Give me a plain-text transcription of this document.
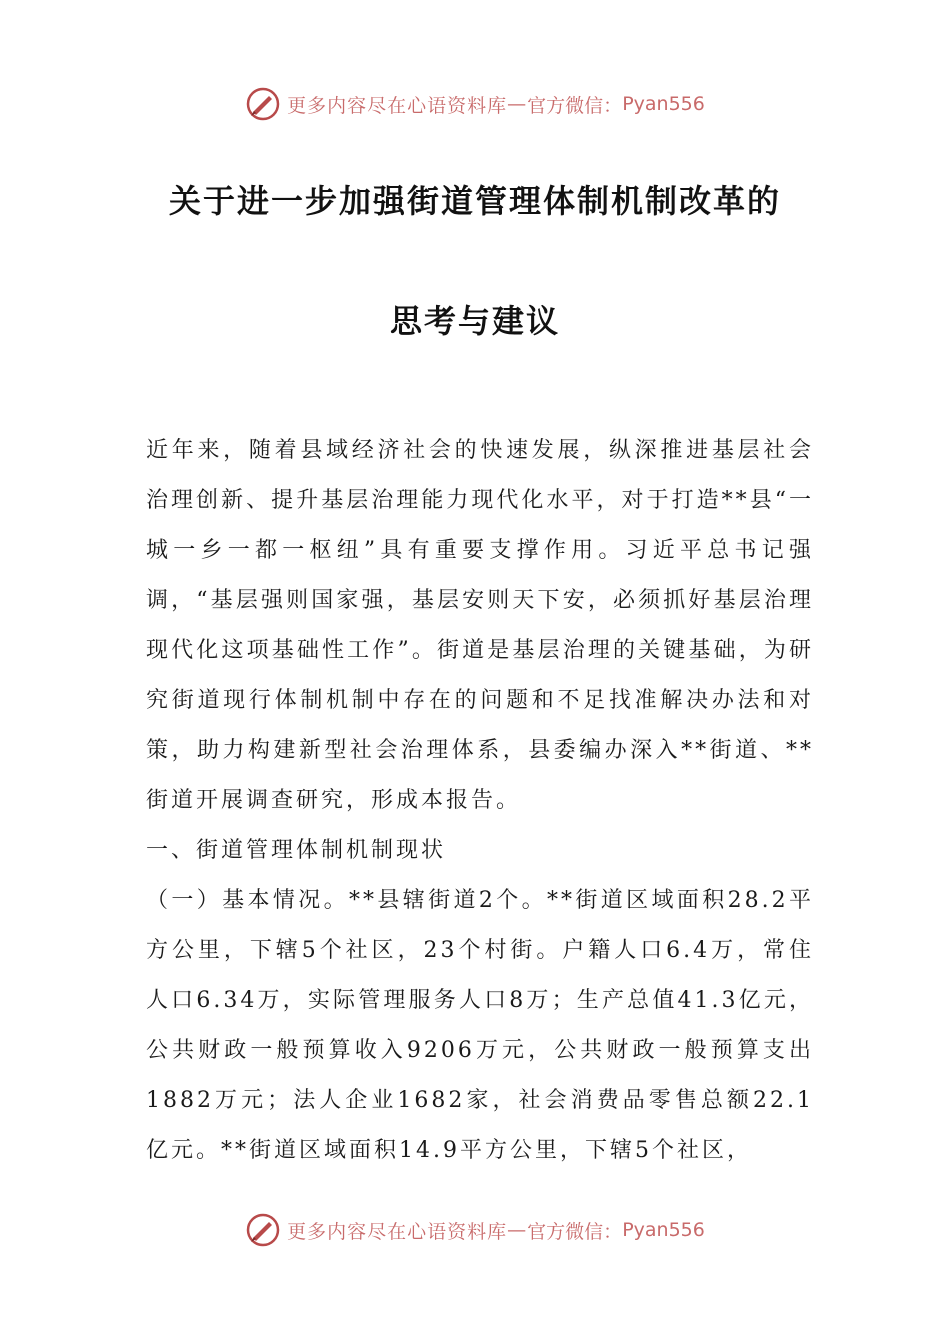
更多内容尽在心语资料库 — 官方微信： Pyan556
关于进一步加强街道管理体制机制改革的
思考与建议

近年来，随着县域经济社会的快速发展，纵深推进基层社会治理创新、提升基层治理能力现代化水平，对于打造**县“一城一乡一都一枢纽”具有重要支撑作用。习近平总书记强调，“基层强则国家强，基层安则天下安，必须抓好基层治理现代化这项基础性工作”。街道是基层治理的关键基础，为研究街道现行体制机制中存在的问题和不足找准解决办法和对策，助力构建新型社会治理体系，县委编办深入**街道、**街道开展调查研究，形成本报告。

一、街道管理体制机制现状

（一）基本情况。**县辖街道2个。**街道区域面积28.2平方公里，下辖5个社区，23个村街。户籍人口6.4万，常住人口6.34万，实际管理服务人口8万；生产总值41.3亿元，公共财政一般预算收入9206万元，公共财政一般预算支出1882万元；法人企业1682家，社会消费品零售总额22.1亿元。**街道区域面积14.9平方公里，下辖5个社区，

更多内容尽在心语资料库 — 官方微信： Pyan556
